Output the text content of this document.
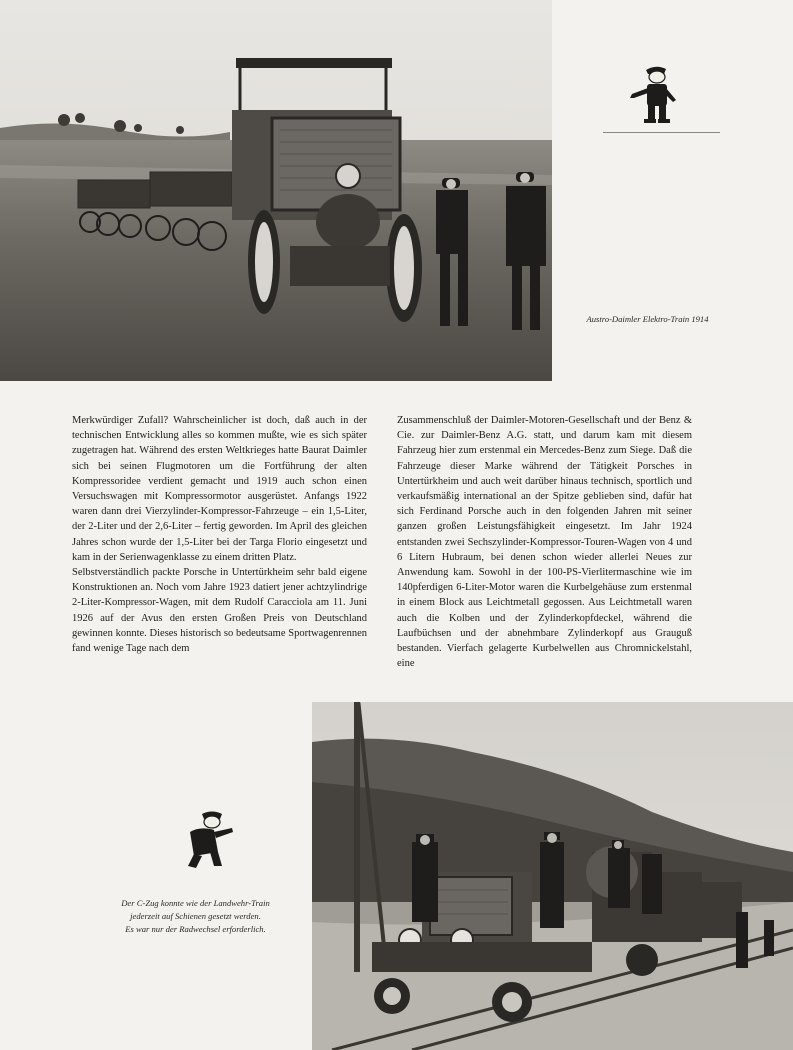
Austro-Daimler Elektro-Train 1914

Merkwürdiger Zufall? Wahrscheinlicher ist doch, daß auch in der technischen Entwicklung alles so kommen mußte, wie es sich später zugetragen hat. Während des ersten Weltkrieges hatte Baurat Daimler sich bei seinen Flugmotoren um die Fortführung der alten Kompressoridee verdient gemacht und 1919 auch schon einen Versuchswagen mit Kompressormotor ausgerüstet. Anfangs 1922 waren dann drei Vierzylinder-Kompressor-Fahrzeuge – ein 1,5-Liter, der 2-Liter und der 2,6-Liter – fertig geworden. Im April des gleichen Jahres schon wurde der 1,5-Liter bei der Targa Florio eingesetzt und kam in der Serienwagenklasse zu einem dritten Platz.

Selbstverständlich packte Porsche in Untertürkheim sehr bald eigene Konstruktionen an. Noch vom Jahre 1923 datiert jener achtzylindrige 2-Liter-Kompressor-Wagen, mit dem Rudolf Caracciola am 11. Juni 1926 auf der Avus den ersten Großen Preis von Deutschland gewinnen konnte. Dieses historisch so bedeutsame Sportwagenrennen fand wenige Tage nach dem

Zusammenschluß der Daimler-Motoren-Gesellschaft und der Benz & Cie. zur Daimler-Benz A.G. statt, und darum kam mit diesem Fahrzeug hier zum erstenmal ein Mercedes-Benz zum Siege. Daß die Fahrzeuge dieser Marke während der Tätigkeit Porsches in Untertürkheim und auch weit darüber hinaus technisch, sportlich und verkaufsmäßig international an der Spitze geblieben sind, dafür hat sich Ferdinand Porsche auch in den folgenden Jahren mit seiner ganzen großen Leistungsfähigkeit eingesetzt. Im Jahr 1924 entstanden zwei Sechszylinder-Kompressor-Touren-Wagen von 4 und 6 Litern Hubraum, bei denen schon wieder allerlei Neues zur Anwendung kam. Sowohl in der 100-PS-Vierlitermaschine wie im 140pferdigen 6-Liter-Motor waren die Kurbelgehäuse zum erstenmal in einem Block aus Leichtmetall gegossen. Aus Leichtmetall waren auch die Kolben und der Zylinderkopfdeckel, während die Laufbüchsen und der abnehmbare Zylinderkopf aus Grauguß bestanden. Vierfach gelagerte Kurbelwellen aus Chromnickelstahl, eine

Der C-Zug konnte wie der Landwehr-Train
jederzeit auf Schienen gesetzt werden.
Es war nur der Radwechsel erforderlich.
